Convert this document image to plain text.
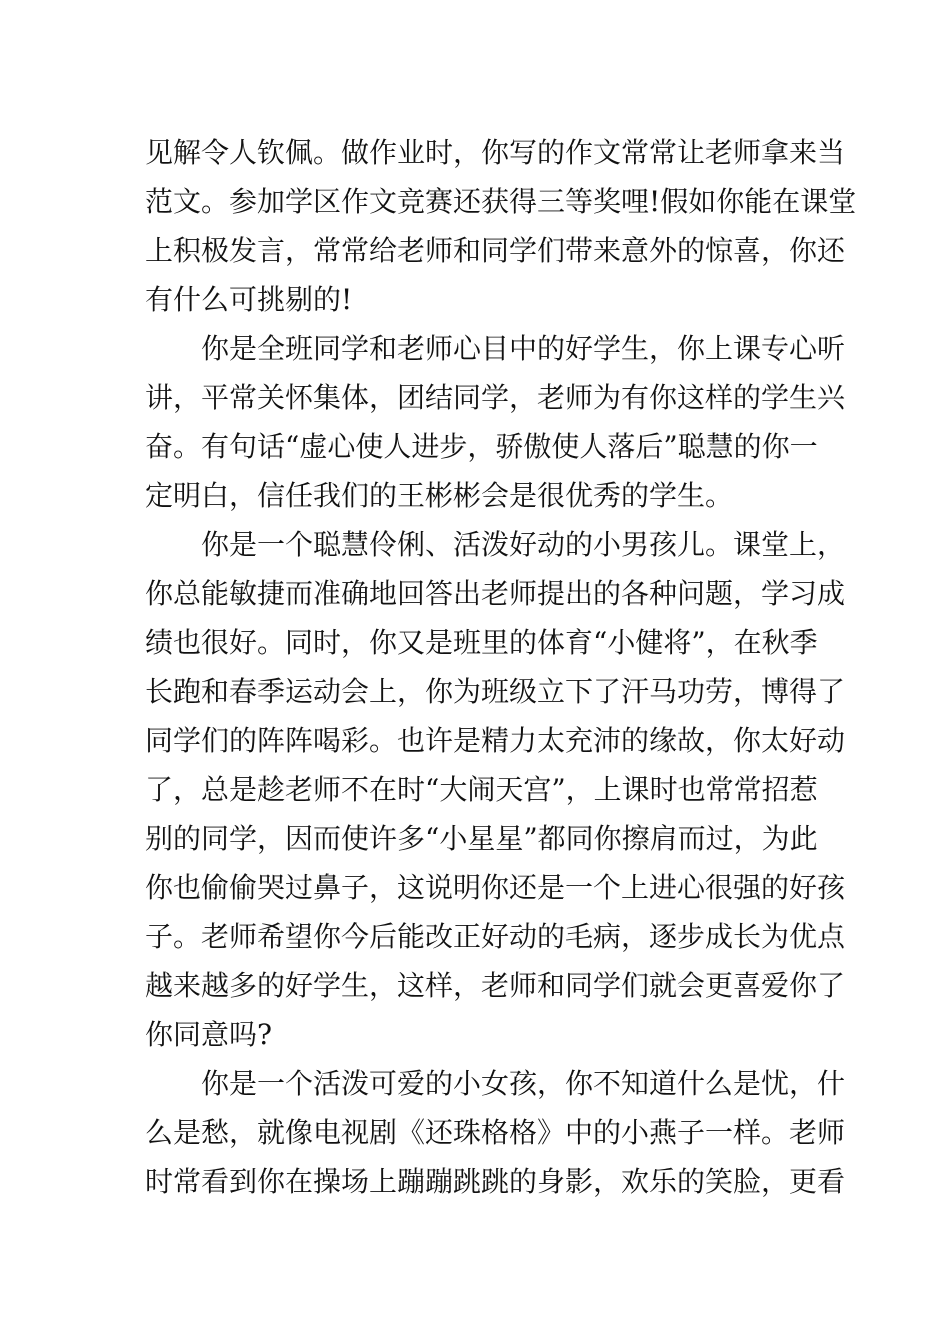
见解令人钦佩。做作业时，你写的作文常常让老师拿来当
范文。参加学区作文竞赛还获得三等奖哩!假如你能在课堂
上积极发言，常常给老师和同学们带来意外的惊喜，你还
有什么可挑剔的!
你是全班同学和老师心目中的好学生，你上课专心听
讲，平常关怀集体，团结同学，老师为有你这样的学生兴
奋。有句话“虚心使人进步，骄傲使人落后”聪慧的你一
定明白，信任我们的王彬彬会是很优秀的学生。
你是一个聪慧伶俐、活泼好动的小男孩儿。课堂上，
你总能敏捷而准确地回答出老师提出的各种问题，学习成
绩也很好。同时，你又是班里的体育“小健将”，在秋季
长跑和春季运动会上，你为班级立下了汗马功劳，博得了
同学们的阵阵喝彩。也许是精力太充沛的缘故，你太好动
了，总是趁老师不在时“大闹天宫”，上课时也常常招惹
别的同学，因而使许多“小星星”都同你擦肩而过，为此
你也偷偷哭过鼻子，这说明你还是一个上进心很强的好孩
子。老师希望你今后能改正好动的毛病，逐步成长为优点
越来越多的好学生，这样，老师和同学们就会更喜爱你了
你同意吗?
你是一个活泼可爱的小女孩，你不知道什么是忧，什
么是愁，就像电视剧《还珠格格》中的小燕子一样。老师
时常看到你在操场上蹦蹦跳跳的身影，欢乐的笑脸，更看
